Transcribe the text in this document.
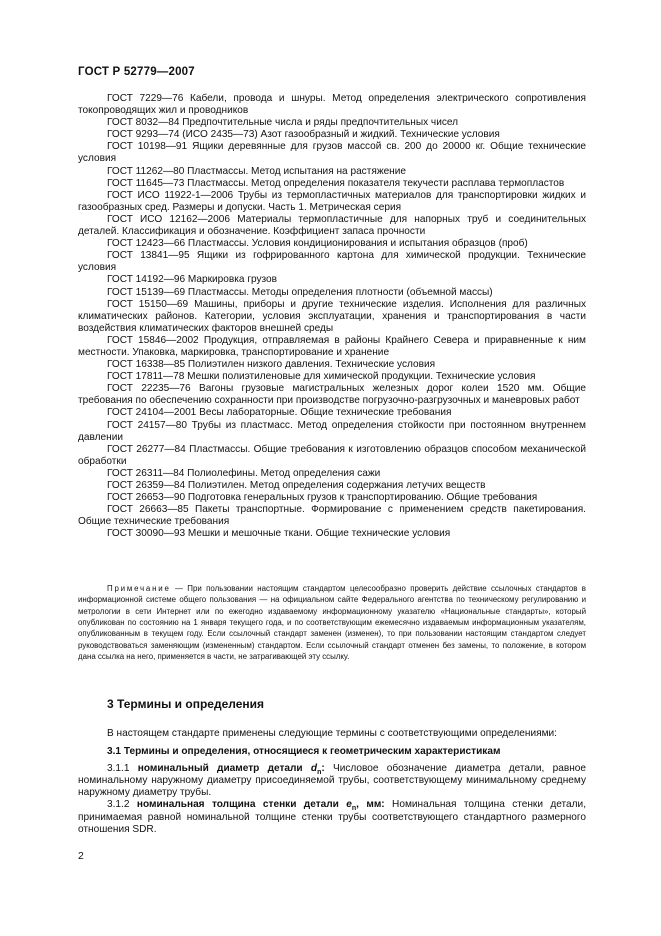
ГОСТ Р 52779—2007

ГОСТ 7229—76 Кабели, провода и шнуры. Метод определения электрического сопротивления токопроводящих жил и проводников

ГОСТ 8032—84 Предпочтительные числа и ряды предпочтительных чисел

ГОСТ 9293—74 (ИСО 2435—73) Азот газообразный и жидкий. Технические условия

ГОСТ 10198—91 Ящики деревянные для грузов массой св. 200 до 20000 кг. Общие технические условия

ГОСТ 11262—80 Пластмассы. Метод испытания на растяжение

ГОСТ 11645—73 Пластмассы. Метод определения показателя текучести расплава термопластов

ГОСТ ИСО 11922-1—2006 Трубы из термопластичных материалов для транспортировки жидких и газообразных сред. Размеры и допуски. Часть 1. Метрическая серия

ГОСТ ИСО 12162—2006 Материалы термопластичные для напорных труб и соединительных деталей. Классификация и обозначение. Коэффициент запаса прочности

ГОСТ 12423—66 Пластмассы. Условия кондиционирования и испытания образцов (проб)

ГОСТ 13841—95 Ящики из гофрированного картона для химической продукции. Технические условия

ГОСТ 14192—96 Маркировка грузов

ГОСТ 15139—69 Пластмассы. Методы определения плотности (объемной массы)

ГОСТ 15150—69 Машины, приборы и другие технические изделия. Исполнения для различных климатических районов. Категории, условия эксплуатации, хранения и транспортирования в части воздействия климатических факторов внешней среды

ГОСТ 15846—2002 Продукция, отправляемая в районы Крайнего Севера и приравненные к ним местности. Упаковка, маркировка, транспортирование и хранение

ГОСТ 16338—85 Полиэтилен низкого давления. Технические условия

ГОСТ 17811—78 Мешки полиэтиленовые для химической продукции. Технические условия

ГОСТ 22235—76 Вагоны грузовые магистральных железных дорог колеи 1520 мм. Общие требования по обеспечению сохранности при производстве погрузочно-разгрузочных и маневровых работ

ГОСТ 24104—2001 Весы лабораторные. Общие технические требования

ГОСТ 24157—80 Трубы из пластмасс. Метод определения стойкости при постоянном внутреннем давлении

ГОСТ 26277—84 Пластмассы. Общие требования к изготовлению образцов способом механической обработки

ГОСТ 26311—84 Полиолефины. Метод определения сажи

ГОСТ 26359—84 Полиэтилен. Метод определения содержания летучих веществ

ГОСТ 26653—90 Подготовка генеральных грузов к транспортированию. Общие требования

ГОСТ 26663—85 Пакеты транспортные. Формирование с применением средств пакетирования. Общие технические требования

ГОСТ 30090—93 Мешки и мешочные ткани. Общие технические условия

Примечание — При пользовании настоящим стандартом целесообразно проверить действие ссылочных стандартов в информационной системе общего пользования — на официальном сайте Федерального агентства по техническому регулированию и метрологии в сети Интернет или по ежегодно издаваемому информационному указателю «Национальные стандарты», который опубликован по состоянию на 1 января текущего года, и по соответствующим ежемесячно издаваемым информационным указателям, опубликованным в текущем году. Если ссылочный стандарт заменен (изменен), то при пользовании настоящим стандартом следует руководствоваться заменяющим (измененным) стандартом. Если ссылочный стандарт отменен без замены, то положение, в котором дана ссылка на него, применяется в части, не затрагивающей эту ссылку.

3 Термины и определения

В настоящем стандарте применены следующие термины с соответствующими определениями:

3.1 Термины и определения, относящиеся к геометрическим характеристикам

3.1.1 номинальный диаметр детали $d_n$: Числовое обозначение диаметра детали, равное номинальному наружному диаметру присоединяемой трубы, соответствующему минимальному среднему наружному диаметру трубы.

3.1.2 номинальная толщина стенки детали $e_n$, мм: Номинальная толщина стенки детали, принимаемая равной номинальной толщине стенки трубы соответствующего стандартного размерного отношения SDR.

2
